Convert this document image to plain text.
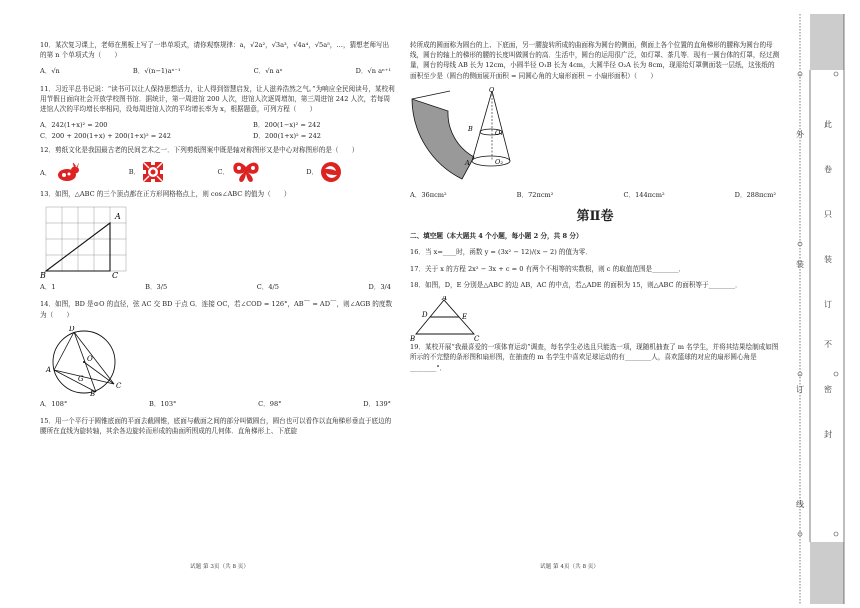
10．某次复习课上，老师在黑板上写了一串单项式，请你观察规律：a，√2a²，√3a³，√4a⁴，√5a⁵，…，猜想老师写出的第 n 个单项式为（　　）
A．√n	B．√(n−1)aⁿ⁻¹	C．√n aⁿ	D．√n aⁿ⁺¹
11．习近平总书记说：“读书可以让人保持思想活力，让人得到智慧启发，让人滋养浩然之气。”为响应全民阅读号，某校利用节假日面向社会开放学校图书馆．据统计，第一周进馆 200 人次，进馆人次逐周增加，第三周进馆 242 人次，若每周进馆人次的平均增长率相同，设每周进馆人次的平均增长率为 x，根据题意，可列方程（　　）
A．242(1+x)² = 200	B．200(1−x)² = 242
C．200 + 200(1+x) + 200(1+x)² = 242	D．200(1+x)² = 242
12．剪纸文化是我国最古老的民间艺术之一．下列剪纸图案中既是轴对称图形又是中心对称图形的是（　　）
A．	B．	C．	D．
13．如图，△ABC 的三个顶点都在正方形网格格点上，则 cos∠ABC 的值为（　　）
A
B	C
A．1	B．3/5	C．4/5	D．3/4
14．如图，BD 是⊙O 的直径，弦 AC 交 BD 于点 G．连接 OC，若∠COD = 126°，AB⌒ = AD⌒，则∠AGB 的度数为（　　）
D
O
A
G
B
C
A．108°	B．103°	C．98°	D．139°
15．用一个平行于圆锥底面的平面去截圆锥，底面与截面之间的部分叫做圆台，圆台也可以看作以直角梯形垂直于底边的腰所在直线为旋转轴，其余各边旋转而形成的曲面所围成的几何体．直角梯形上、下底旋
试题 第 3页（共 8 页）
转所成的圆面称为圆台的上、下底面，另一腰旋转所成的曲面称为圆台的侧面，侧面上各个位置的直角梯形的腰称为圆台的母线，圆台的轴上的梯形的腰的长度叫做圆台的高．生活中，圆台的运用很广泛，如灯罩、茶几等．现有一圆台体的灯罩，经过测量，圆台的母线 AB 长为 12cm，小圆半径 O₁B 长为 4cm，大圆半径 O₂A 长为 8cm，现需给灯罩侧面装一层纸，这张纸的面积至少是（圆台的侧面展开面积 = 同圆心角的大扇形面积 − 小扇形面积）（　　）
O
B	O₁
A	O₂
A．36πcm²	B．72πcm²	C．144πcm²	D．288πcm²
第Ⅱ卷
二、填空题（本大题共 4 个小题，每小题 2 分，共 8 分）
16．当 x=____时，函数 y = (3x² − 12)/(x − 2) 的值为零．
17．关于 x 的方程 2x² − 3x + c = 0 有两个不相等的实数根，则 c 的取值范围是________．
18．如图，D，E 分别是△ABC 的边 AB，AC 的中点，若△ADE 的面积为 15，则△ABC 的面积等于________．
A
D	E
B	C
19．某校开展“我最喜爱的一项体育运动”调查，每名学生必选且只能选一项，现随机抽查了 m 名学生，并将其结果绘制成如图所示的不完整的条形图和扇形图，在抽查的 m 名学生中喜欢足球运动的有________人，喜欢篮球的对应的扇形圆心角是________°．
试题 第 4页（共 8 页）
外
装
订
线
此
卷
只
装
订
不
密
封
